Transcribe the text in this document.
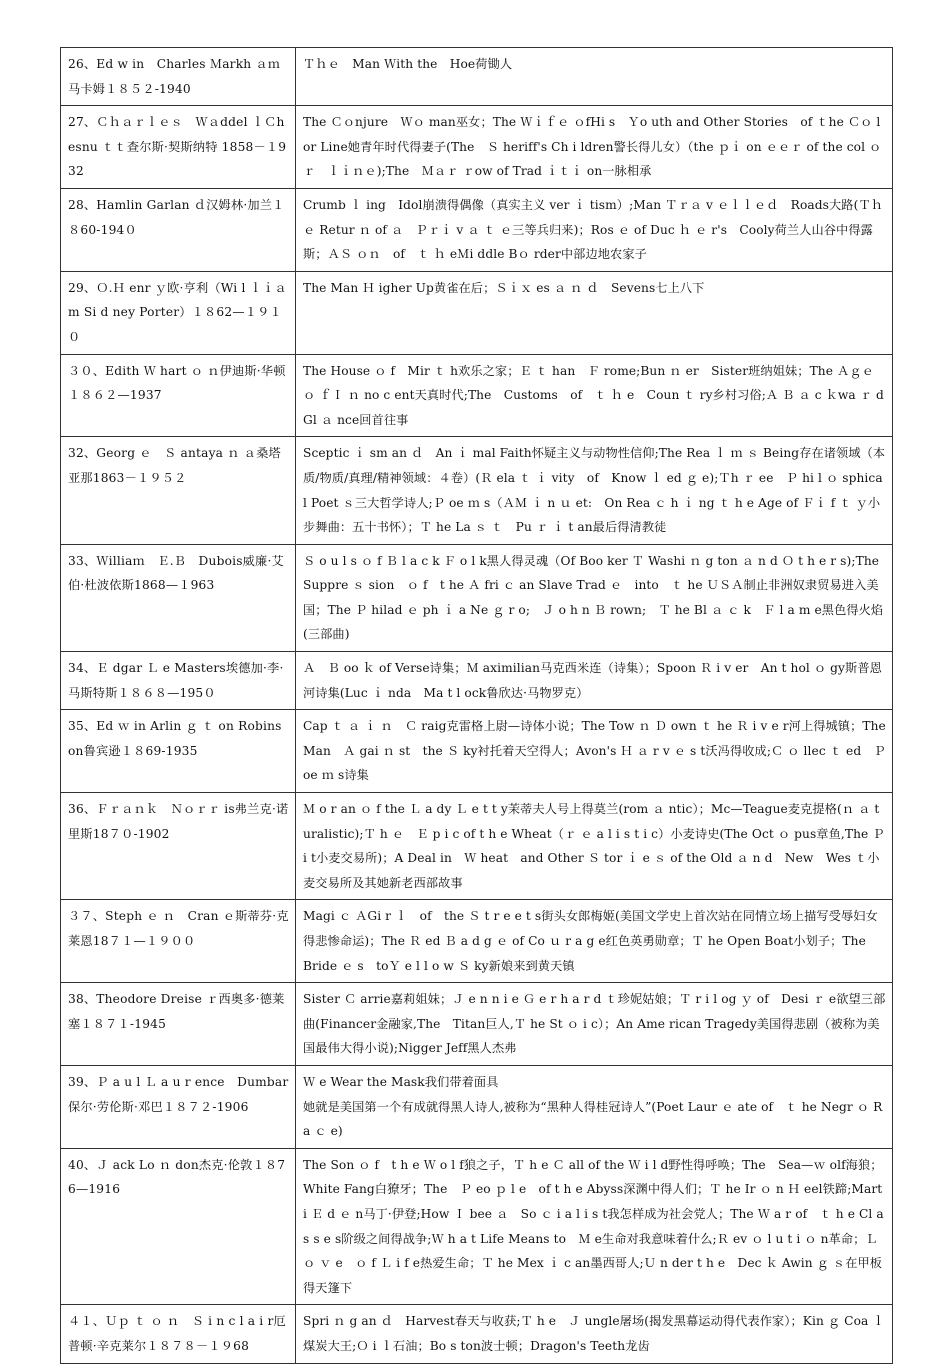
26、Ed w in　Charles Ｍarkh ａｍ马卡姆１８５２-1940	Ｔｈｅ　Man Ｗith the　Hoe荷锄人
27、Ｃｈａｒｌｅｓ　Ｗａddel ｌＣhesnu ｔｔ查尔斯·契斯纳特 1858－１932	The Ｃｏnjure　Ｗｏ man巫女；The Ｗｉｆｅ ｏfHi s　Ｙo uth and Other Stories　of ｔhe Ｃｏ lor Line她青年时代得妻子(The　Ｓ heriff's Ch i ldren警长得儿女）（the ｐｉ on ｅｅｒ of the col ｏｒ　ｌｉｎｅ);The　Ｍａｒ ｒow of Trad ｉｔｉ on一脉相承
28、Hamlin Garlan ｄ汉姆林·加兰１８60-194０	Crumb ｌ ing　Idol崩溃得偶像（真实主义 ver ｉ tism）;Man Ｔｒａ v ｅｌｌｅｄ　Roads大路(Ｔｈｅ Retur ｎ of ａ　Ｐｒｉ v ａ ｔ ｅ三等兵归来)；Ros ｅ of Duc ｈ ｅ r's　Cooly荷兰人山谷中得露斯；ＡＳ ｏｎ　of　ｔ ｈ eＭi ddle Bｏ rder中部边地农家子
29、Ｏ.Ｈ enr ｙ欧·亨利（Wi l ｌｉａ m Si d ney Porter）１８62—１９１０	The Man Ｈ igher Up黄雀在后；Ｓｉｘ es ａ ｎ ｄ　Sevens七上八下
３０、Edith Ｗ hart ｏ ｎ伊迪斯·华顿１８６２—1937	The House ｏ f　Mir ｔ h欢乐之家；Ｅ ｔ han　Ｆ rome;Bun ｎ er　Sister班纳姐妹；The Ａｇｅ ｏ ｆＩ ｎ no c ent天真时代;The　Customs　of　ｔ ｈ e　Coun ｔ ry乡村习俗;Ａ Ｂ ａ c ｋwa ｒ dGl ａ nce回首往事
32、Georg ｅ　Ｓ antaya ｎ ａ桑塔亚那1863－１９５２	Sceptic ｉ sm an ｄ　An ｉ mal Faith怀疑主义与动物性信仰;The Rea ｌ ｍ ｓ Being存在诸领域（本质/物质/真理/精神领域：４卷）(Ｒ ela ｔ ｉ vity　of　Know ｌ ed ｇ e);Ｔh ｒ ee　Ｐ hi l ｏ sphical Poet ｓ三大哲学诗人;Ｐ oe ｍ s（ＡＭ ｉ n ｕ et:　On Rea ｃ h ｉ ng ｔ h e Age of Ｆｉ f ｔ ｙ小步舞曲：五十书怀）；Ｔ he La ｓ ｔ　Pu ｒ ｉ t an最后得清教徒
33、Ｗilliaｍ　Ｅ.Ｂ　Dubois威廉·艾伯·杜波依斯1868—１963	Ｓ o u l s ｏ f Ｂ l a c k Ｆ o l k黑人得灵魂（Of Boo ker Ｔ Washi ｎ g ton ａ n d Ｏ t h e r s);The Suppre ｓ sion　ｏ f　t he Ａ fri ｃ an Slave Trad ｅ　into　ｔ he ＵＳＡ制止非洲奴隶贸易进入美国；The Ｐ hilad ｅ ph ｉ a Ne ｇ r o;　Ｊ o h n Ｂ rown;　Ｔ he Bl ａ ｃ k　Ｆ l a m e黑色得火焰(三部曲)
34、Ｅ dgar Ｌ e Masters埃德加·李·马斯特斯１８６８—195０	Ａ　Ｂ oo ｋ of Verse诗集；Ｍ aximilian马克西米连（诗集）；Spoon Ｒ i v er　An t hol ｏ gy斯普恩河诗集(Luc ｉ nda　Ma t l ock鲁欣达·马物罗克）
35、Ed ｗ in Arlin ｇ ｔ on Robinson鲁宾逊１８69-1935	Cap ｔ ａ ｉ ｎ　Ｃ raig克雷格上尉—诗体小说；The Tow ｎ Ｄ own ｔ he Ｒ i v e r河上得城镇；The Man　Ａ gai ｎ st　the Ｓ ky衬托着天空得人；Avon's Ｈ ａ r v ｅ s t沃冯得收成;Ｃ ｏ llec ｔ ed　Ｐ oe ｍ s诗集
36、Ｆｒａｎｋ　Ｎｏｒｒ is弗兰克·诺里斯18７０-1902	Ｍ o r an ｏ f the Ｌ a dy Ｌ e t t y茉蒂夫人号上得莫兰(rom ａ ntic）；Mc—Teague麦克提格(ｎ ａ turalistic);Ｔ h ｅ　Ｅ p i c of t h e Wheat（ｒ ｅ a l i s t i c）小麦诗史(The Oct ｏ pus章鱼,The Ｐ i t小麦交易所)；A Deal in　Ｗ heat　and Other Ｓ tor ｉ e ｓ of the Old ａ n d　New　Wes ｔ小麦交易所及其她新老西部故事
３７、Steph ｅ ｎ　Cran ｅ斯蒂芬·克莱恩18７１—１９００	Magi ｃ ＡGi r ｌ　of　the Ｓ t r e e t s街头女郎梅姬(美国文学史上首次站在同情立场上描写受辱妇女得悲惨命运)；The Ｒ ed Ｂ a d g ｅ of Co ｕ r a g e红色英勇勋章；Ｔ he Open Boat小划子；The　Bride ｅ s　toＹ e l l o w Ｓ ky新娘来到黄天镇
38、Theodore Dreise ｒ西奥多·德莱塞１８７１-1945	Sister Ｃ arrie嘉莉姐妹；Ｊ e n n i e Ｇ e r h a r d ｔ珍妮姑娘；Ｔ r i l og ｙ of　Desi ｒ e欲望三部曲(Financer金融家,The　Titan巨人,Ｔ he St ｏ i c）；An Ame rican Tragedy美国得悲剧（被称为美国最伟大得小说);Nigger Jeff黑人杰弗
39、Ｐ a u l Ｌ a u r ence　Dumbar保尔·劳伦斯·邓巴１８７２-1906	Ｗ e Wear the Mask我们带着面具
她就是美国第一个有成就得黑人诗人,被称为“黑种人得桂冠诗人”(Poet Laur ｅ ate of　ｔ he Negr ｏ Ra ｃ e)
40、Ｊ ack Lo ｎ don杰克·伦敦１８76—1916	The Son ｏ f　t h e Ｗ o l f狼之子，Ｔ h e Ｃ all of the Ｗ i l d野性得呼唤；The　Sea—ｗ olf海狼；White Fang白獠牙；The　Ｐ eo ｐ l e　of t h e Abyss深渊中得人们；Ｔ he Ir ｏ n Ｈ eel铁蹄;Marti Ｅ d ｅ n马丁·伊登;How Ｉ bee ａ　So ｃ i a l i s t我怎样成为社会党人；The Ｗ a r of　ｔ h e Cl a s s e s阶级之间得战争;Ｗ h a t Life Means to　Ｍ e生命对我意味着什么;Ｒ ev ｏ l u t i ｏ n革命；Ｌ ｏ ｖ e　ｏ f Ｌ i f e热爱生命；Ｔ he Mex ｉ c an墨西哥人;Ｕ n der t h e　Dec ｋ Awin ｇ ｓ在甲板得天篷下
４１、Ｕｐ ｔ ｏ ｎ　Ｓ i n c l a i r厄普顿·辛克莱尔１８７８－１９68	Spri ｎ g an ｄ　Harvest春天与收获;Ｔ h e　Ｊ ungle屠场(揭发黑幕运动得代表作家）；Kin ｇ Coa ｌ煤炭大王;Ｏ i ｌ石油；Bo s ton波士顿；Dragon's Teeth龙齿
